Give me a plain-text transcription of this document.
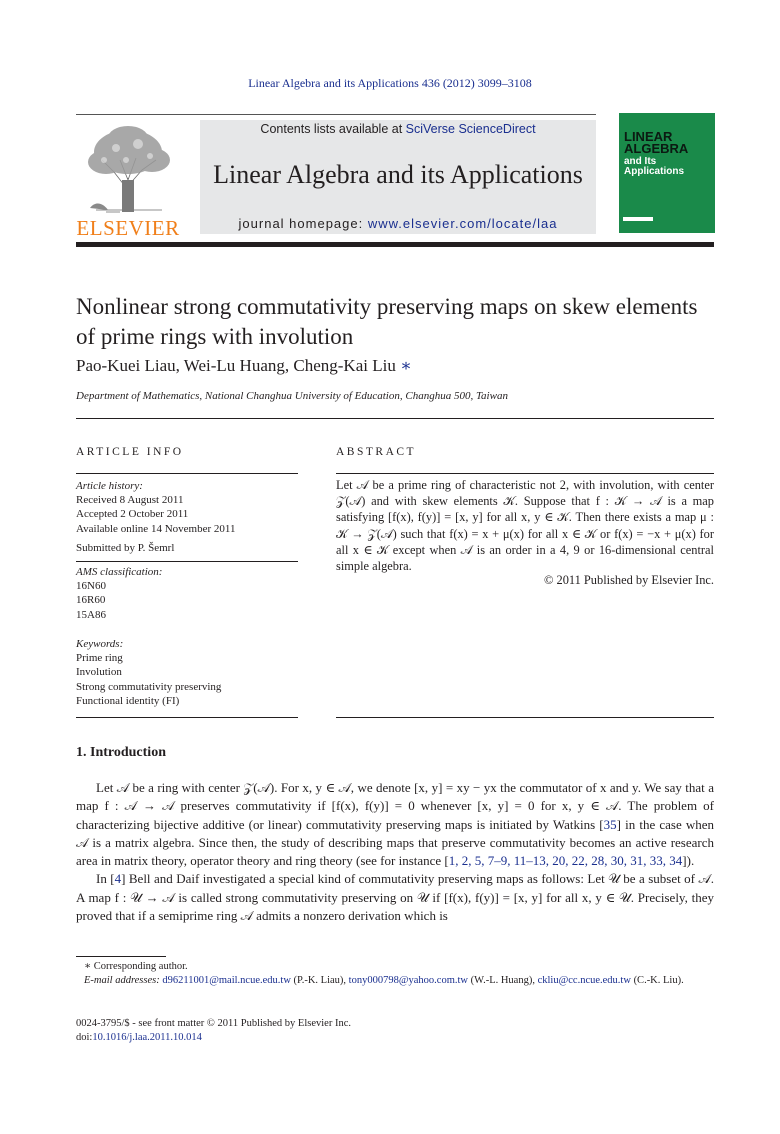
Linear Algebra and its Applications 436 (2012) 3099–3108
ELSEVIER
Contents lists available at SciVerse ScienceDirect
Linear Algebra and its Applications
journal homepage: www.elsevier.com/locate/laa
LINEAR ALGEBRA
and Its Applications
Nonlinear strong commutativity preserving maps on skew elements of prime rings with involution
Pao-Kuei Liau, Wei-Lu Huang, Cheng-Kai Liu ∗
Department of Mathematics, National Changhua University of Education, Changhua 500, Taiwan
ARTICLE INFO
Article history:
Received 8 August 2011
Accepted 2 October 2011
Available online 14 November 2011
Submitted by P. Šemrl
AMS classification:
16N60
16R60
15A86
Keywords:
Prime ring
Involution
Strong commutativity preserving
Functional identity (FI)
ABSTRACT
Let 𝒜 be a prime ring of characteristic not 2, with involution, with center 𝒵(𝒜) and with skew elements 𝒦. Suppose that f : 𝒦 → 𝒜 is a map satisfying [f(x), f(y)] = [x, y] for all x, y ∈ 𝒦. Then there exists a map μ : 𝒦 → 𝒵(𝒜) such that f(x) = x + μ(x) for all x ∈ 𝒦 or f(x) = −x + μ(x) for all x ∈ 𝒦 except when 𝒜 is an order in a 4, 9 or 16-dimensional central simple algebra.
© 2011 Published by Elsevier Inc.
1. Introduction

Let 𝒜 be a ring with center 𝒵(𝒜). For x, y ∈ 𝒜, we denote [x, y] = xy − yx the commutator of x and y. We say that a map f : 𝒜 → 𝒜 preserves commutativity if [f(x), f(y)] = 0 whenever [x, y] = 0 for x, y ∈ 𝒜. The problem of characterizing bijective additive (or linear) commutativity preserving maps is initiated by Watkins [35] in the case when 𝒜 is a matrix algebra. Since then, the study of describing maps that preserve commutativity becomes an active research area in matrix theory, operator theory and ring theory (see for instance [1, 2, 5, 7–9, 11–13, 20, 22, 28, 30, 31, 33, 34]).

In [4] Bell and Daif investigated a special kind of commutativity preserving maps as follows: Let 𝒰 be a subset of 𝒜. A map f : 𝒰 → 𝒜 is called strong commutativity preserving on 𝒰 if [f(x), f(y)] = [x, y] for all x, y ∈ 𝒰. Precisely, they proved that if a semiprime ring 𝒜 admits a nonzero derivation which is

∗ Corresponding author.
E-mail addresses: d96211001@mail.ncue.edu.tw (P.-K. Liau), tony000798@yahoo.com.tw (W.-L. Huang), ckliu@cc.ncue.edu.tw (C.-K. Liu).
0024-3795/$ - see front matter © 2011 Published by Elsevier Inc.
doi:10.1016/j.laa.2011.10.014
